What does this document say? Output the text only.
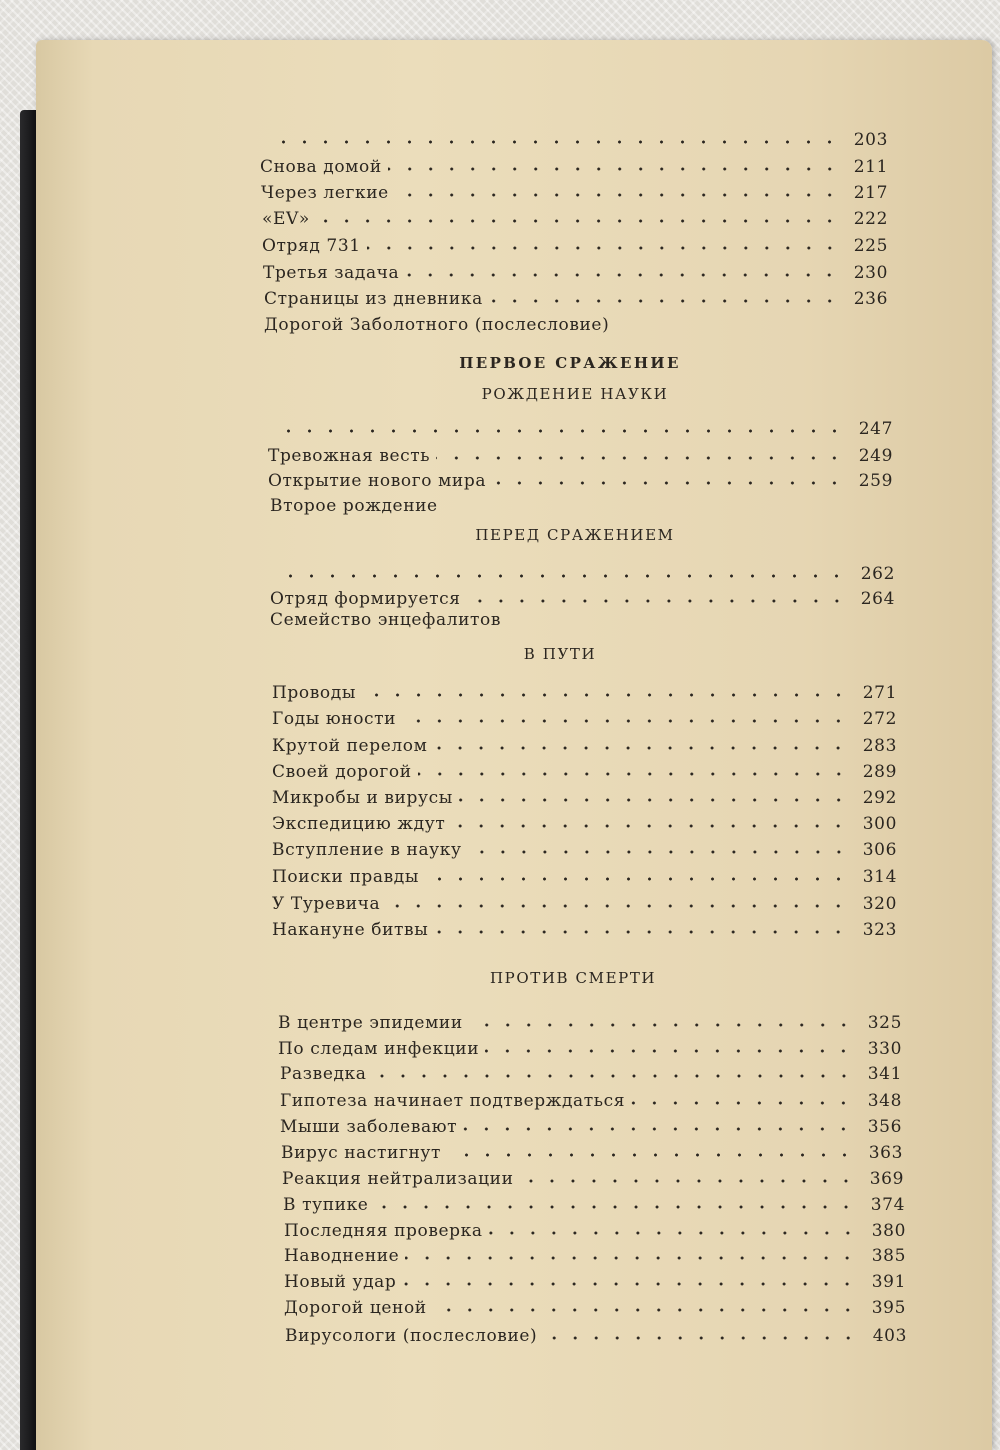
203
Снова домой	211
Через легкие	217
«EV»	222
Отряд 731	225
Третья задача	230
Страницы из дневника	236
Дорогой Заболотного (послесловие)
ПЕРВОЕ СРАЖЕНИЕ
РОЖДЕНИЕ НАУКИ
247
Тревожная весть	249
Открытие нового мира	259
Второе рождение
ПЕРЕД СРАЖЕНИЕМ
262
Отряд формируется	264
Семейство энцефалитов
В ПУТИ
Проводы	271
Годы юности	272
Крутой перелом	283
Своей дорогой	289
Микробы и вирусы	292
Экспедицию ждут	300
Вступление в науку	306
Поиски правды	314
У Туревича	320
Накануне битвы	323
ПРОТИВ СМЕРТИ
В центре эпидемии	325
По следам инфекции	330
Разведка	341
Гипотеза начинает подтверждаться	348
Мыши заболевают	356
Вирус настигнут	363
Реакция нейтрализации	369
В тупике	374
Последняя проверка	380
Наводнение	385
Новый удар	391
Дорогой ценой	395
Вирусологи (послесловие)	403
